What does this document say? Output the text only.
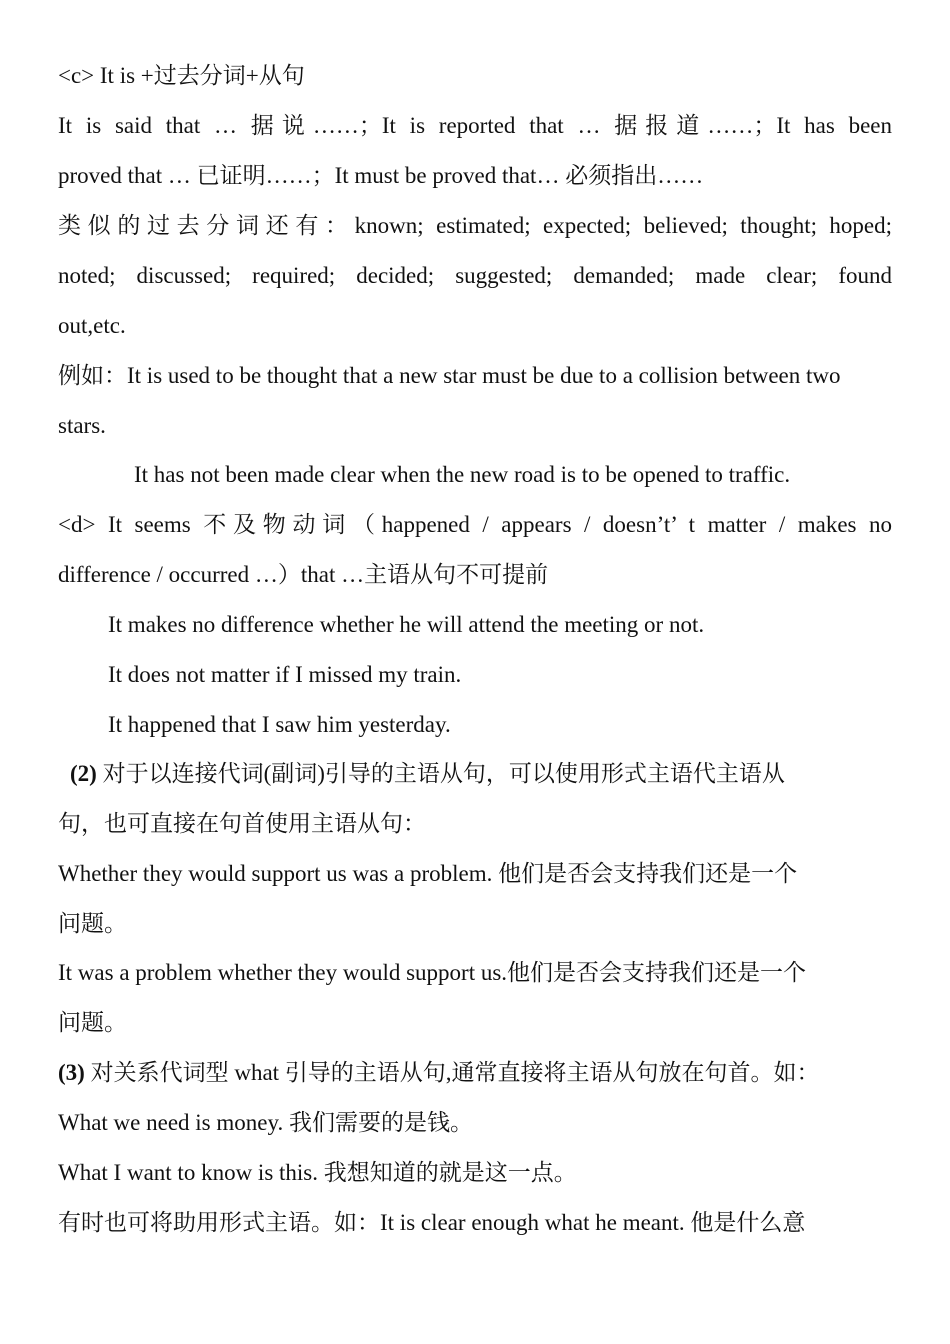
<c> It is +过去分词+从句
It is said that … 据说……；It is reported that … 据报道……；It has been
proved that … 已证明……；It must be proved that… 必须指出……
类似的过去分词还有：known; estimated; expected; believed; thought; hoped;
noted; discussed; required; decided; suggested; demanded; made clear; found
out,etc.
例如：It is used to be thought that a new star must be due to a collision between two
stars.
It has not been made clear when the new road is to be opened to traffic.
<d> It seems 不及物动词（happened / appears / doesn’t’ t matter / makes no
difference / occurred …）that …主语从句不可提前
It makes no difference whether he will attend the meeting or not.
It does not matter if I missed my train.
It happened that I saw him yesterday.
(2) 对于以连接代词(副词)引导的主语从句，可以使用形式主语代主语从
句，也可直接在句首使用主语从句：
Whether they would support us was a problem. 他们是否会支持我们还是一个
问题。
It was a problem whether they would support us.他们是否会支持我们还是一个
问题。
(3) 对关系代词型 what 引导的主语从句,通常直接将主语从句放在句首。如：
What we need is money. 我们需要的是钱。
What I want to know is this. 我想知道的就是这一点。
有时也可将助用形式主语。如：It is clear enough what he meant. 他是什么意
